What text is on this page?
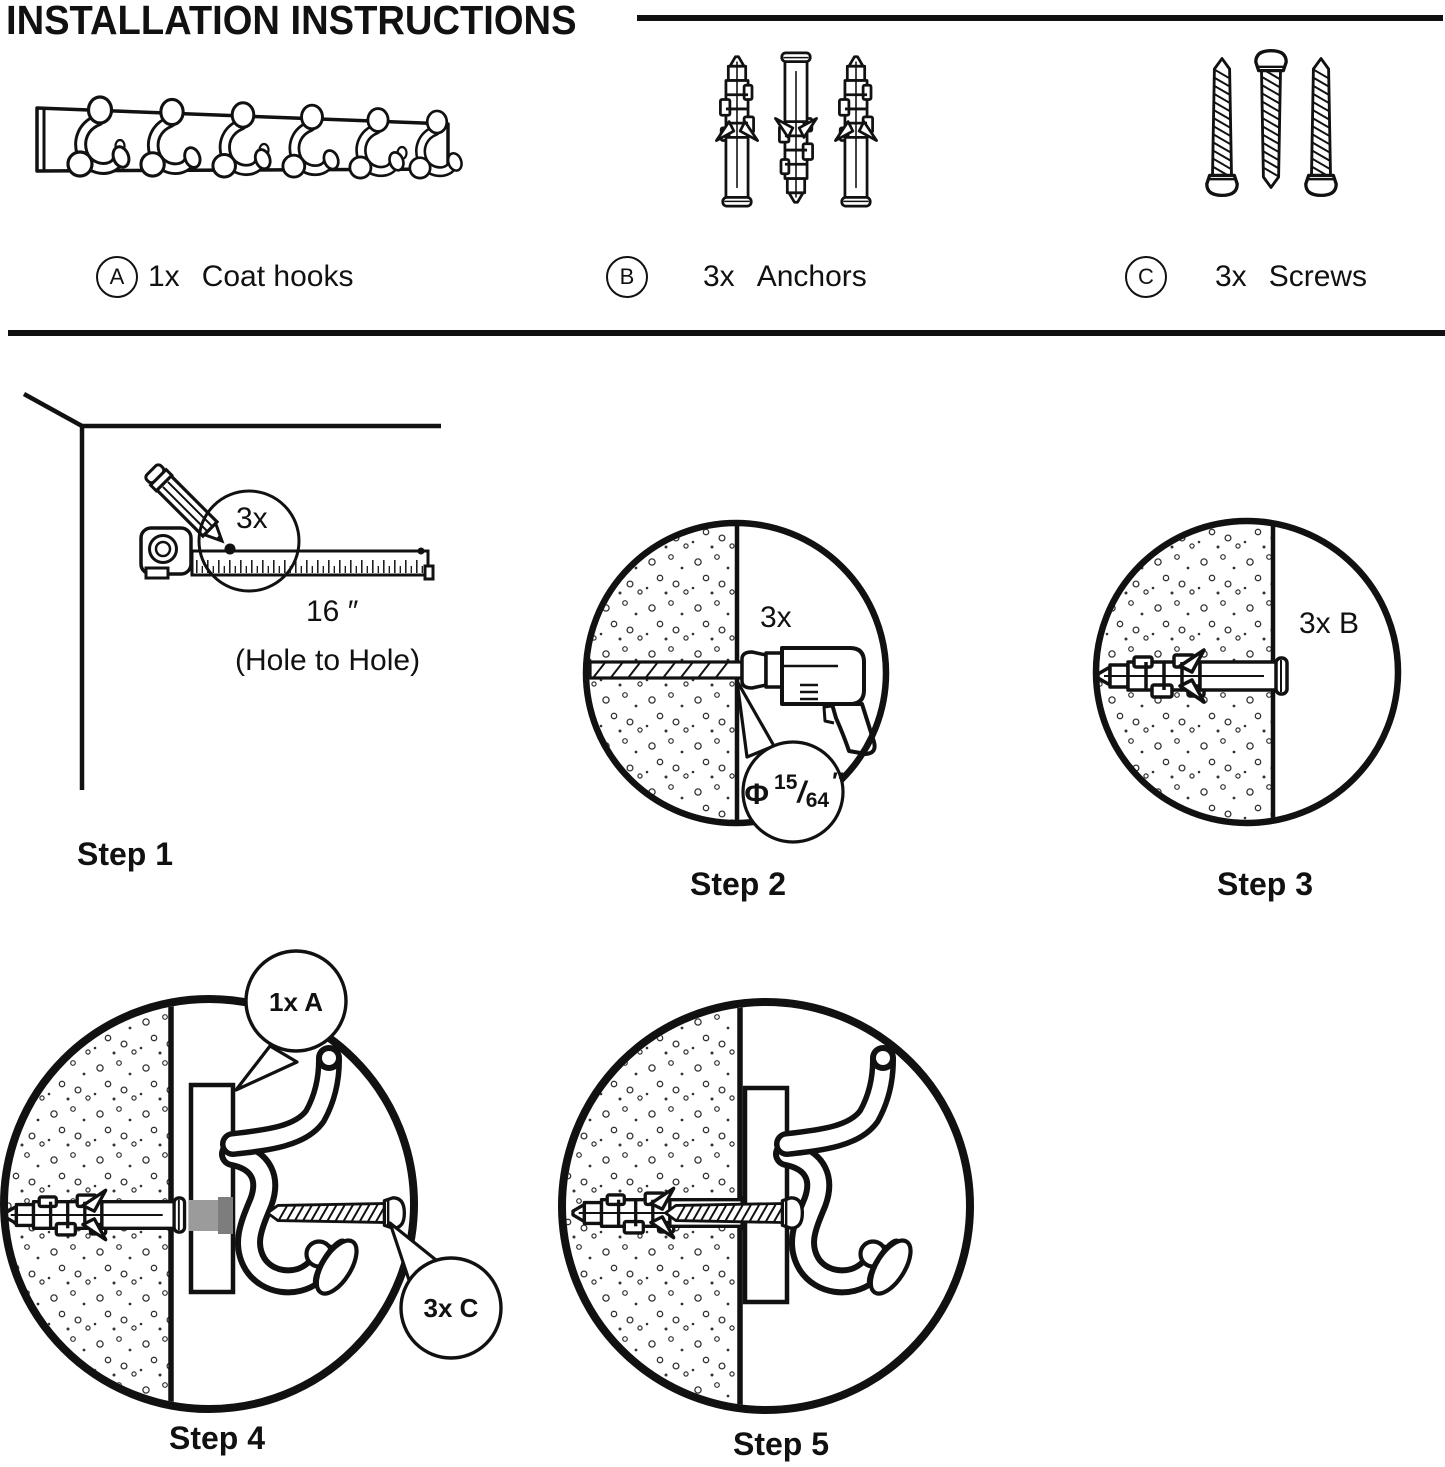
INSTALLATION INSTRUCTIONS
A 1x Coat hooks	B	3x Anchors	C	3x Screws
3x
16 ″
(Hole to Hole)
Step 1
3x
Φ 15 / 64
″
Step 2
3x B
Step 3
1x A
3x C
Step 4	Step 5
